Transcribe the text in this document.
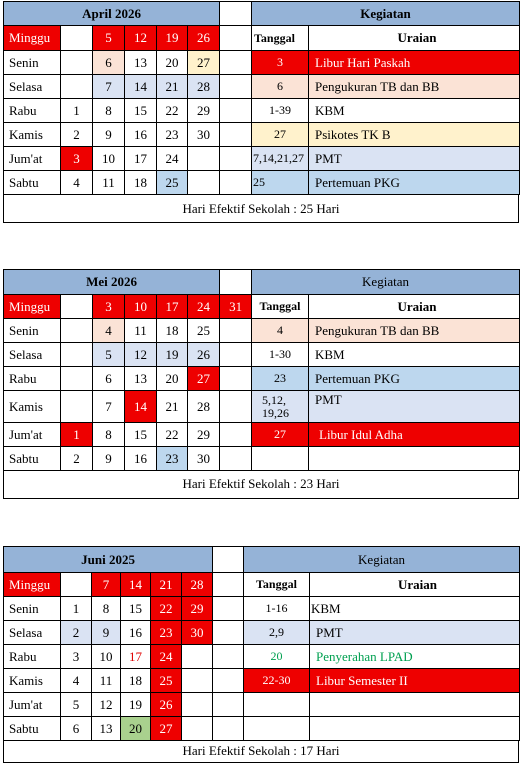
April 2026						
Minggu		5	12	19	26	
Senin		6	13	20	27	
Selasa		7	14	21	28	
Rabu	1	8	15	22	29	
Kamis	2	9	16	23	30	
Jum'at	3	10	17	24		
Sabtu	4	11	18	25		
Kegiatan	
Tanggal	Uraian
3	Libur Hari Paskah
6	Pengukuran TB dan BB
1-39	KBM
27	Psikotes TK B
7,14,21,27	PMT
25	Pertemuan PKG
Hari Efektif Sekolah : 25 Hari
Mei 2026						
Minggu		3	10	17	24	31
Senin		4	11	18	25	
Selasa		5	12	19	26	
Rabu		6	13	20	27	
Kamis		7	14	21	28	
Jum'at	1	8	15	22	29	
Sabtu	2	9	16	23	30	
Kegiatan	
Tanggal	Uraian
4	Pengukuran TB dan BB
1-30	KBM
23	Pertemuan PKG
5,12,
19,26	PMT
27	Libur Idul Adha

Hari Efektif Sekolah : 23 Hari
Juni 2025						
Minggu		7	14	21	28	
Senin	1	8	15	22	29	
Selasa	2	9	16	23	30	
Rabu	3	10	17	24		
Kamis	4	11	18	25		
Jum'at	5	12	19	26		
Sabtu	6	13	20	27		
Kegiatan	
Tanggal	Uraian
1-16	KBM
2,9	PMT
20	Penyerahan LPAD
22-30	Libur Semester II

Hari Efektif Sekolah : 17 Hari
